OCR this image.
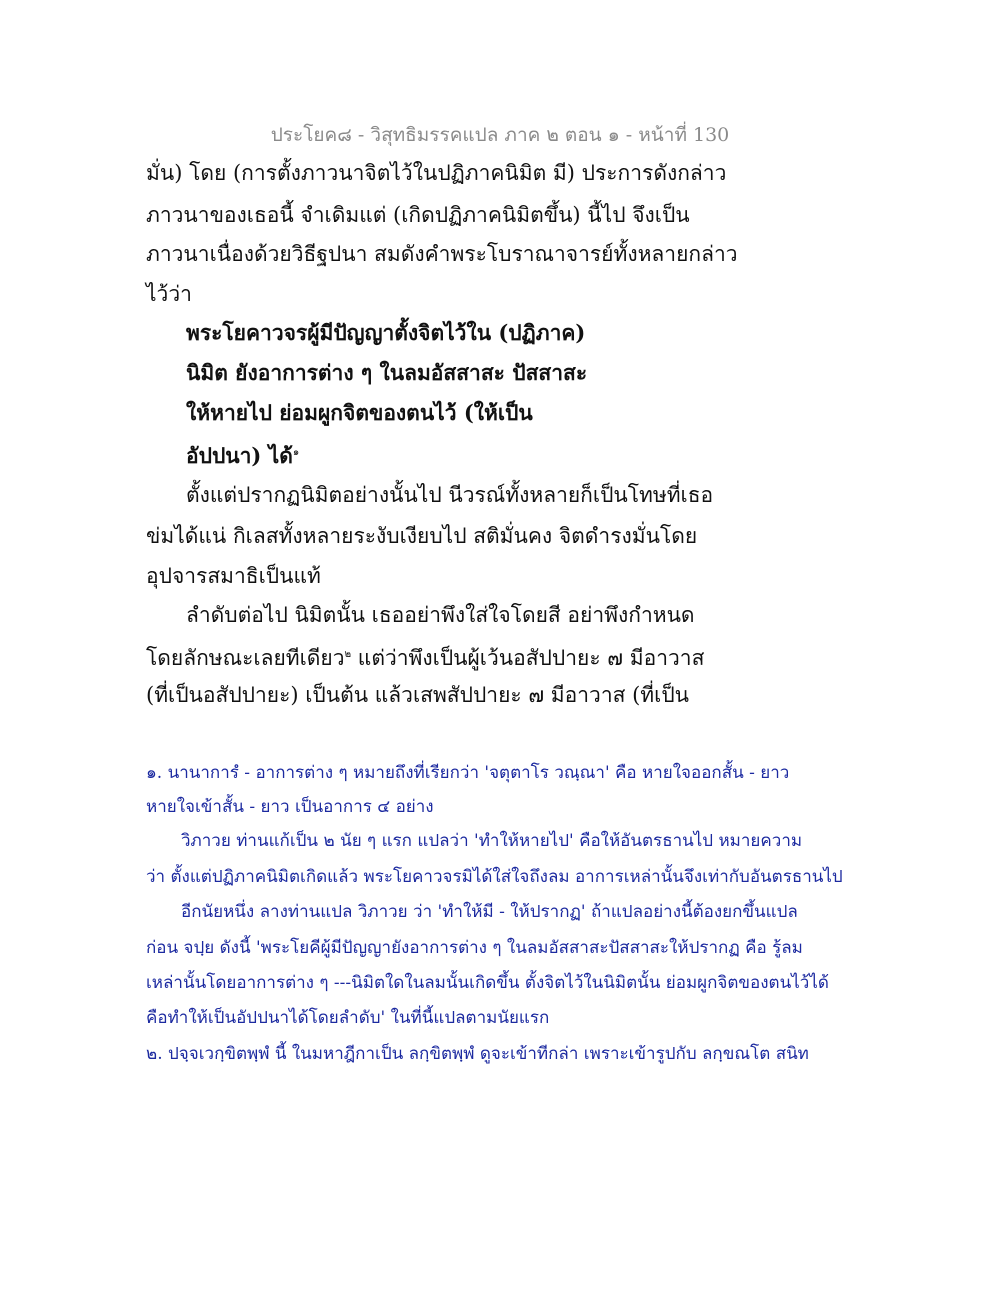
ประโยค๘ - วิสุทธิมรรคแปล ภาค ๒ ตอน ๑ - หน้าที่ 130
มั่น) โดย (การตั้งภาวนาจิตไว้ในปฏิภาคนิมิต มี) ประการดังกล่าว
ภาวนาของเธอนี้ จำเดิมแต่ (เกิดปฏิภาคนิมิตขึ้น) นี้ไป จึงเป็น
ภาวนาเนื่องด้วยวิธีฐปนา สมดังคำพระโบราณาจารย์ทั้งหลายกล่าว
ไว้ว่า
พระโยคาวจรผู้มีปัญญาตั้งจิตไว้ใน (ปฏิภาค)
นิมิต ยังอาการต่าง ๆ ในลมอัสสาสะ ปัสสาสะ
ให้หายไป ย่อมผูกจิตของตนไว้ (ให้เป็น
อัปปนา) ได้$^๑$
ตั้งแต่ปรากฏนิมิตอย่างนั้นไป นีวรณ์ทั้งหลายก็เป็นโทษที่เธอ
ข่มได้แน่ กิเลสทั้งหลายระงับเงียบไป สติมั่นคง จิตดำรงมั่นโดย
อุปจารสมาธิเป็นแท้
ลำดับต่อไป นิมิตนั้น เธออย่าพึงใส่ใจโดยสี อย่าพึงกำหนด
โดยลักษณะเลยทีเดียว$^๒$ แต่ว่าพึงเป็นผู้เว้นอสัปปายะ ๗ มีอาวาส
(ที่เป็นอสัปปายะ) เป็นต้น แล้วเสพสัปปายะ ๗ มีอาวาส (ที่เป็น
๑. นานาการํ - อาการต่าง ๆ หมายถึงที่เรียกว่า 'จตุตาโร วณฺณา' คือ หายใจออกสั้น - ยาว
หายใจเข้าสั้น - ยาว เป็นอาการ ๔ อย่าง
วิภาวย ท่านแก้เป็น ๒ นัย ๆ แรก แปลว่า 'ทำให้หายไป' คือให้อันตรธานไป หมายความ
ว่า ตั้งแต่ปฏิภาคนิมิตเกิดแล้ว พระโยคาวจรมิได้ใส่ใจถึงลม อาการเหล่านั้นจึงเท่ากับอันตรธานไป
อีกนัยหนึ่ง ลางท่านแปล วิภาวย ว่า 'ทำให้มี - ให้ปรากฏ' ถ้าแปลอย่างนี้ต้องยกขึ้นแปล
ก่อน จปฺย ดังนี้ 'พระโยคีผู้มีปัญญายังอาการต่าง ๆ ในลมอัสสาสะปัสสาสะให้ปรากฏ คือ รู้ลม
เหล่านั้นโดยอาการต่าง ๆ ---นิมิตใดในลมนั้นเกิดขึ้น ตั้งจิตไว้ในนิมิตนั้น ย่อมผูกจิตของตนไว้ได้
คือทำให้เป็นอัปปนาได้โดยลำดับ' ในที่นี้แปลตามนัยแรก
๒. ปจฺจเวกฺขิตพฺพํ นี้ ในมหาฎีกาเป็น ลกฺขิตพฺพํ ดูจะเข้าทีกล่า เพราะเข้ารูปกับ ลกฺขณโต สนิท
